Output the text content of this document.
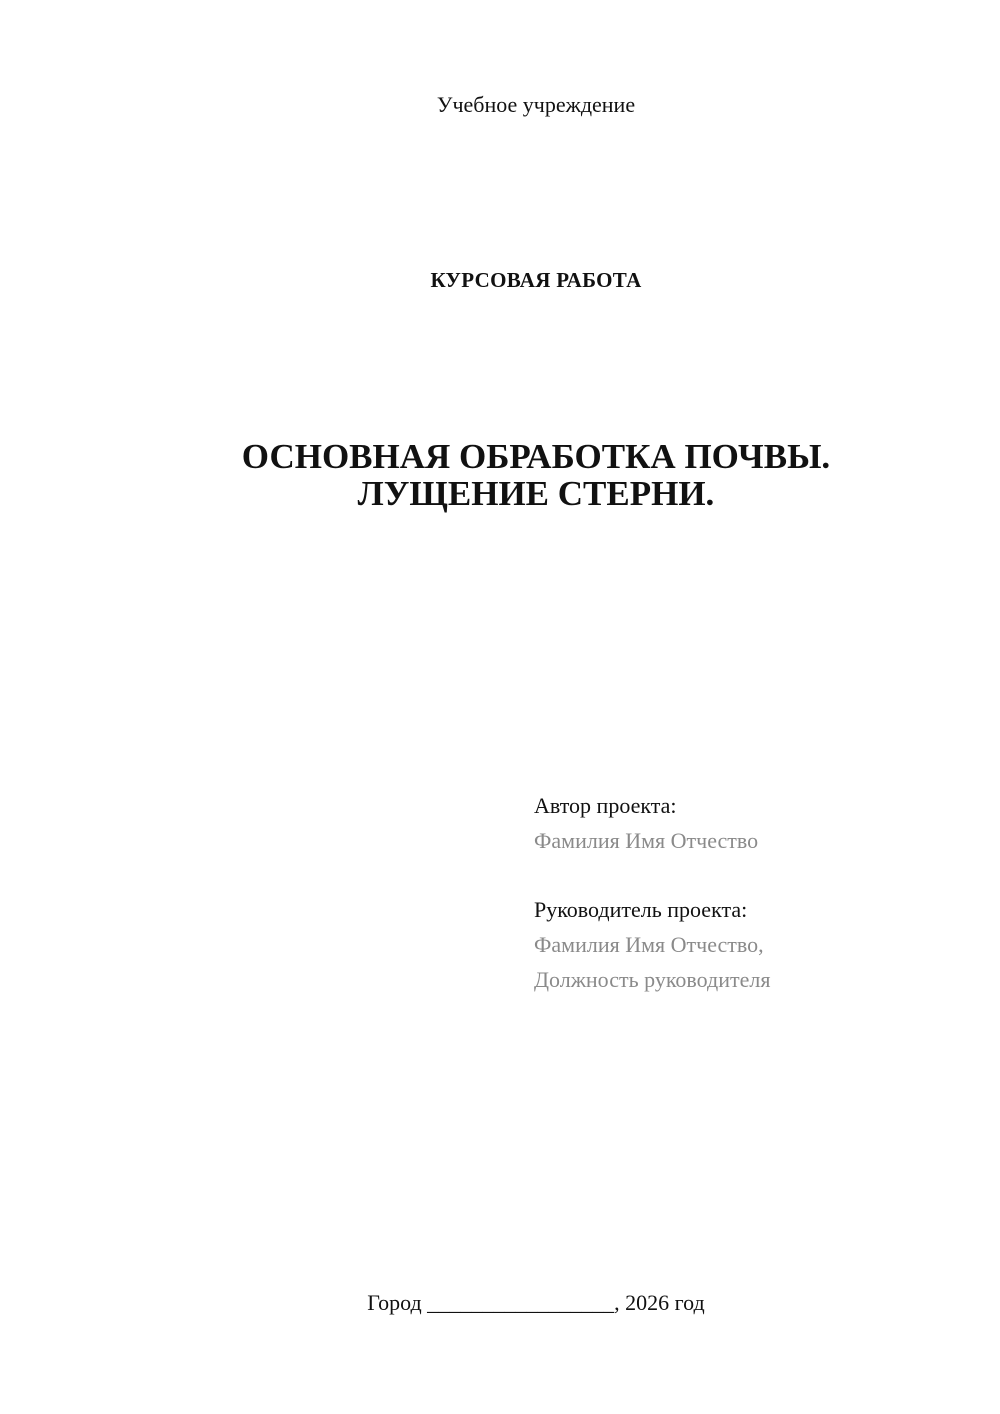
Учебное учреждение
КУРСОВАЯ РАБОТА
ОСНОВНАЯ ОБРАБОТКА ПОЧВЫ.
ЛУЩЕНИЕ СТЕРНИ.
Автор проекта:
Фамилия Имя Отчество
Руководитель проекта:
Фамилия Имя Отчество,
Должность руководителя
Город _________________, 2026 год
